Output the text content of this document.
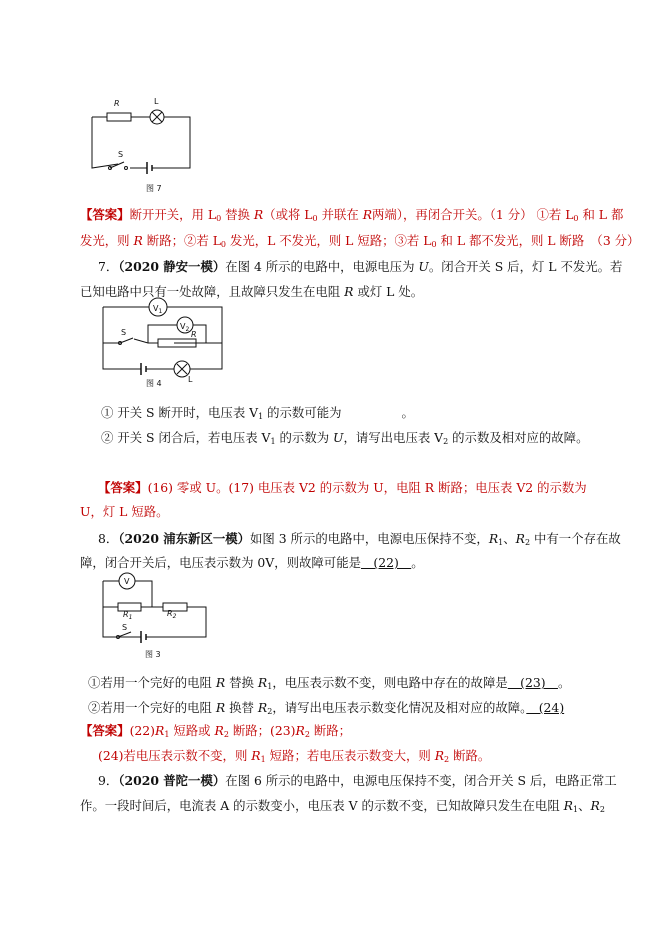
R	L
S
图 7
【答案】断开开关，用 $L_0$ 替换 R（或将 $L_0$ 并联在 R两端），再闭合开关。（1 分） ①若 $L_0$ 和 L 都
发光，则 R 断路；②若 $L_0$ 发光，L 不发光，则 L 短路；③若 $L_0$ 和 L 都不发光，则 L 断路　（3 分）
7．（2020 静安一模）在图 4 所示的电路中，电源电压为 U。闭合开关 S 后，灯 L 不发光。若
已知电路中只有一处故障，且故障只发生在电阻 R 或灯 L 处。
$V_1$
$V_2$
R
S
L
图 4
① 开关 S 断开时，电压表 $V_1$ 的示数可能为	。
② 开关 S 闭合后，若电压表 $V_1$ 的示数为 U，请写出电压表 $V_2$ 的示数及相对应的故障。
【答案】(16) 零或 U。(17) 电压表 V2 的示数为 U，电阻 R 断路；电压表 V2 的示数为
U，灯 L 短路。
8．（2020 浦东新区一模）如图 3 所示的电路中，电源电压保持不变，$R_1$、$R_2$ 中有一个存在故
障，闭合开关后，电压表示数为 0V，则故障可能是　(22)　。
V
$R_1$	$R_2$
S
图 3
①若用一个完好的电阻 R 替换 $R_1$，电压表示数不变，则电路中存在的故障是　(23)　。
②若用一个完好的电阻 R 换替 $R_2$，请写出电压表示数变化情况及相对应的故障。　(24)
【答案】$(22)R_1$ 短路或 $R_2$ 断路；$(23)R_2$ 断路；
(24)若电压表示数不变，则 $R_1$ 短路；若电压表示数变大，则 $R_2$ 断路。
9．（2020 普陀一模）在图 6 所示的电路中，电源电压保持不变，闭合开关 S 后，电路正常工
作。一段时间后，电流表 A 的示数变小，电压表 V 的示数不变，已知故障只发生在电阻 $R_1$、$R_2$
